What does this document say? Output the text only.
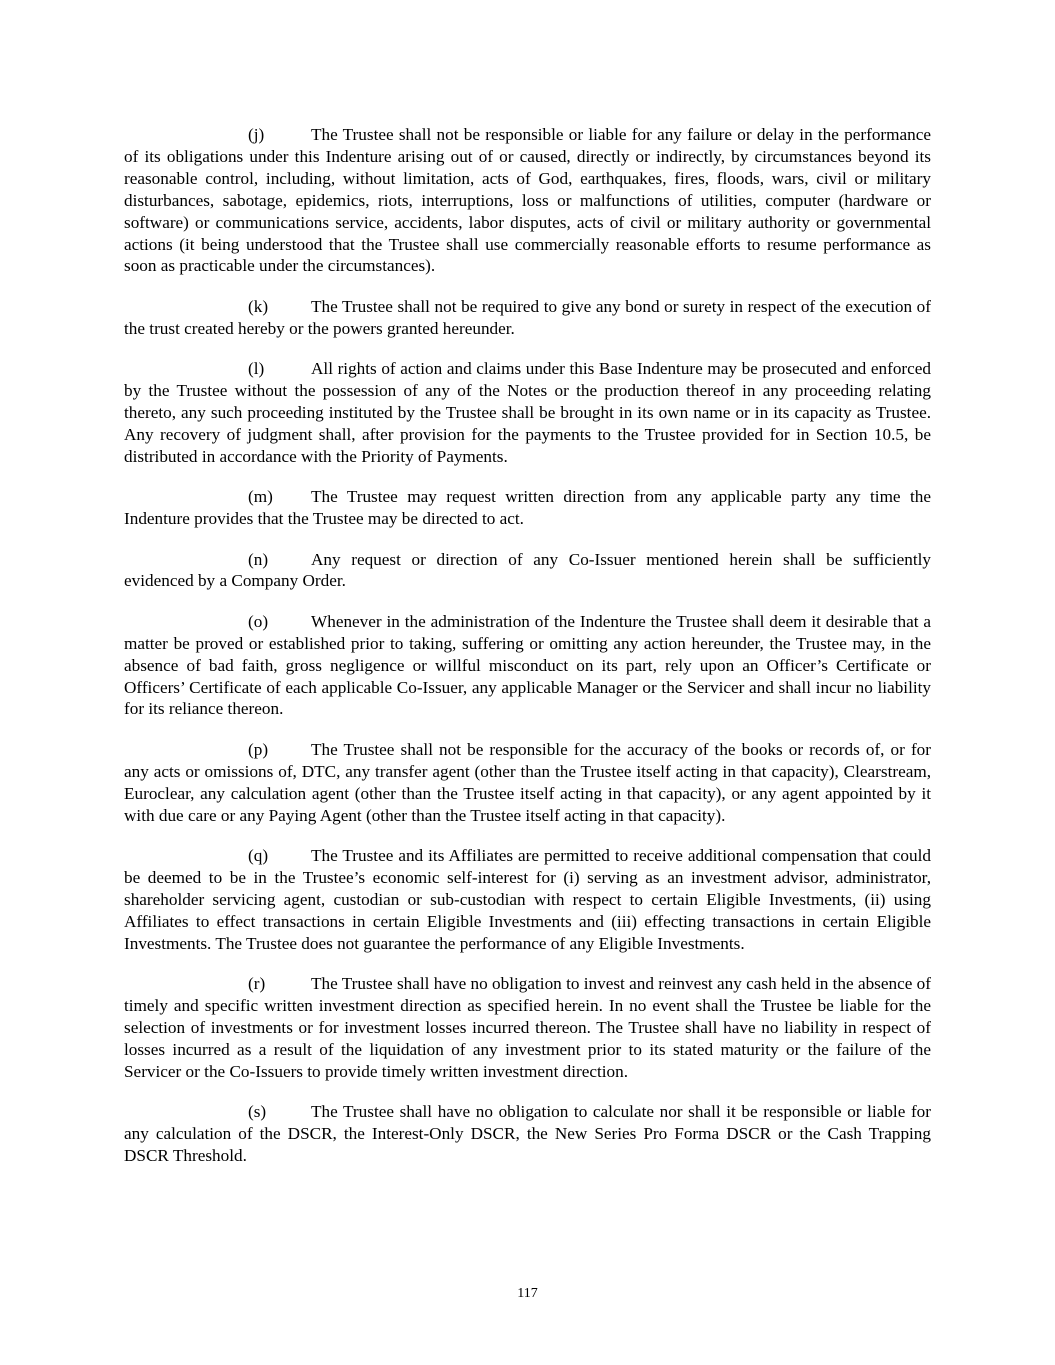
(j)	The Trustee shall not be responsible or liable for any failure or delay in the performance of its obligations under this Indenture arising out of or caused, directly or indirectly, by circumstances beyond its reasonable control, including, without limitation, acts of God, earthquakes, fires, floods, wars, civil or military disturbances, sabotage, epidemics, riots, interruptions, loss or malfunctions of utilities, computer (hardware or software) or communications service, accidents, labor disputes, acts of civil or military authority or governmental actions (it being understood that the Trustee shall use commercially reasonable efforts to resume performance as soon as practicable under the circumstances).

(k) The Trustee shall not be required to give any bond or surety in respect of the execution of the trust created hereby or the powers granted hereunder.

(l)	All rights of action and claims under this Base Indenture may be prosecuted and enforced by the Trustee without the possession of any of the Notes or the production thereof in any proceeding relating thereto, any such proceeding instituted by the Trustee shall be brought in its own name or in its capacity as Trustee. Any recovery of judgment shall, after provision for the payments to the Trustee provided for in Section 10.5, be distributed in accordance with the Priority of Payments.

(m) The Trustee may request written direction from any applicable party any time the Indenture provides that the Trustee may be directed to act.

(n) Any request or direction of any Co-Issuer mentioned herein shall be sufficiently evidenced by a Company Order.

(o) Whenever in the administration of the Indenture the Trustee shall deem it desirable that a matter be proved or established prior to taking, suffering or omitting any action hereunder, the Trustee may, in the absence of bad faith, gross negligence or willful misconduct on its part, rely upon an Officer’s Certificate or Officers’ Certificate of each applicable Co-Issuer, any applicable Manager or the Servicer and shall incur no liability for its reliance thereon.

(p) The Trustee shall not be responsible for the accuracy of the books or records of, or for any acts or omissions of, DTC, any transfer agent (other than the Trustee itself acting in that capacity), Clearstream, Euroclear, any calculation agent (other than the Trustee itself acting in that capacity), or any agent appointed by it with due care or any Paying Agent (other than the Trustee itself acting in that capacity).

(q) The Trustee and its Affiliates are permitted to receive additional compensation that could be deemed to be in the Trustee’s economic self-interest for (i) serving as an investment advisor, administrator, shareholder servicing agent, custodian or sub-custodian with respect to certain Eligible Investments, (ii) using Affiliates to effect transactions in certain Eligible Investments and (iii) effecting transactions in certain Eligible Investments. The Trustee does not guarantee the performance of any Eligible Investments.

(r)	The Trustee shall have no obligation to invest and reinvest any cash held in the absence of timely and specific written investment direction as specified herein. In no event shall the Trustee be liable for the selection of investments or for investment losses incurred thereon. The Trustee shall have no liability in respect of losses incurred as a result of the liquidation of any investment prior to its stated maturity or the failure of the Servicer or the Co-Issuers to provide timely written investment direction.

(s)	The Trustee shall have no obligation to calculate nor shall it be responsible or liable for any calculation of the DSCR, the Interest-Only DSCR, the New Series Pro Forma DSCR or the Cash Trapping DSCR Threshold.

117
